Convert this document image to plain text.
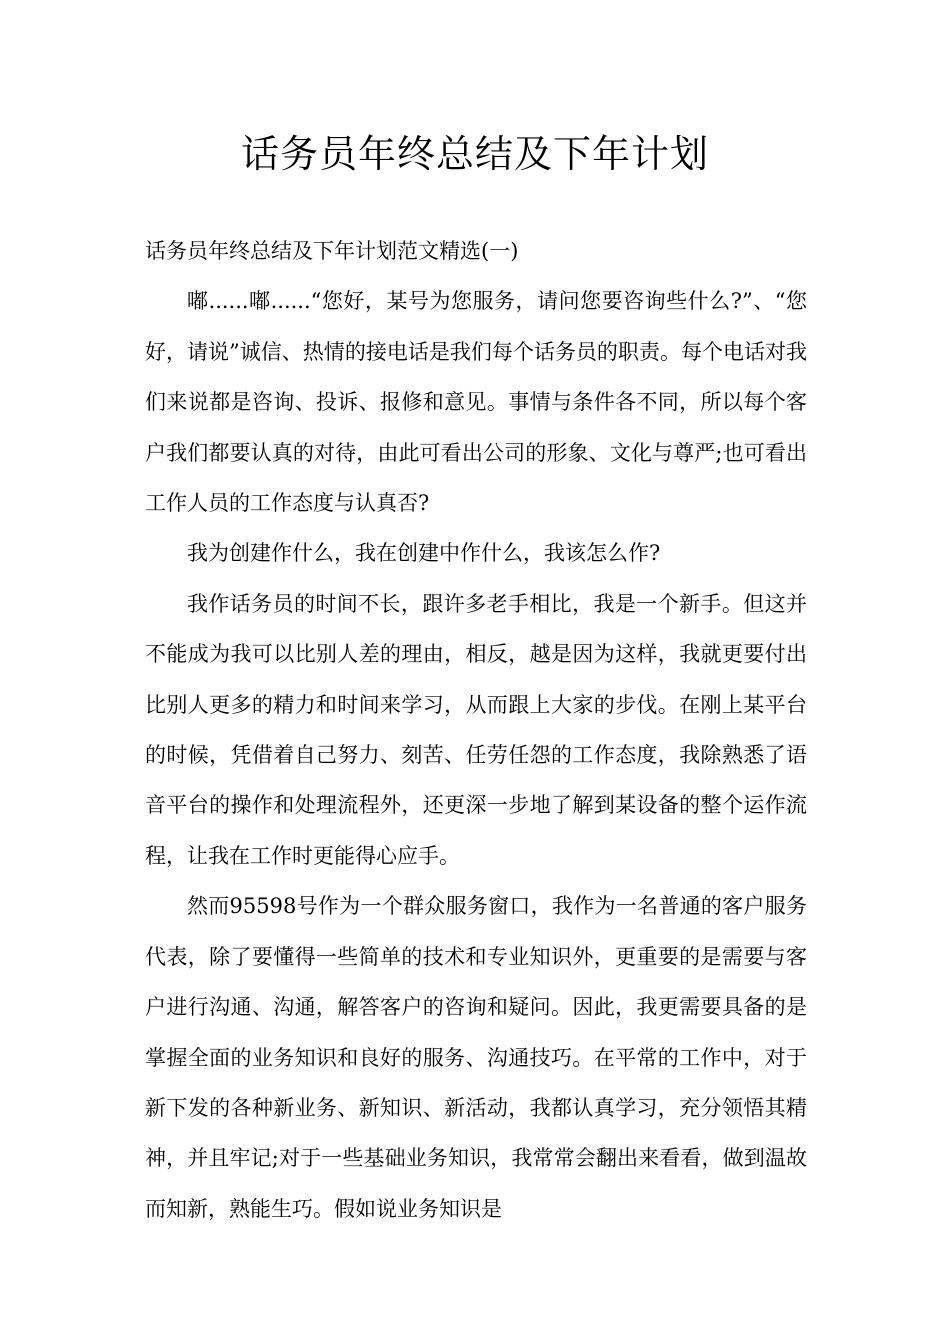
话务员年终总结及下年计划

话务员年终总结及下年计划范文精选(一)

嘟......嘟......“您好，某号为您服务，请问您要咨询些什么?”、“您好，请说”诚信、热情的接电话是我们每个话务员的职责。每个电话对我们来说都是咨询、投诉、报修和意见。事情与条件各不同，所以每个客户我们都要认真的对待，由此可看出公司的形象、文化与尊严;也可看出工作人员的工作态度与认真否?

我为创建作什么，我在创建中作什么，我该怎么作?

我作话务员的时间不长，跟许多老手相比，我是一个新手。但这并不能成为我可以比别人差的理由，相反，越是因为这样，我就更要付出比别人更多的精力和时间来学习，从而跟上大家的步伐。在刚上某平台的时候，凭借着自己努力、刻苦、任劳任怨的工作态度，我除熟悉了语音平台的操作和处理流程外，还更深一步地了解到某设备的整个运作流程，让我在工作时更能得心应手。

然而95598号作为一个群众服务窗口，我作为一名普通的客户服务代表，除了要懂得一些简单的技术和专业知识外，更重要的是需要与客户进行沟通、沟通，解答客户的咨询和疑问。因此，我更需要具备的是掌握全面的业务知识和良好的服务、沟通技巧。在平常的工作中，对于新下发的各种新业务、新知识、新活动，我都认真学习，充分领悟其精神，并且牢记;对于一些基础业务知识，我常常会翻出来看看，做到温故而知新，熟能生巧。假如说业务知识是
